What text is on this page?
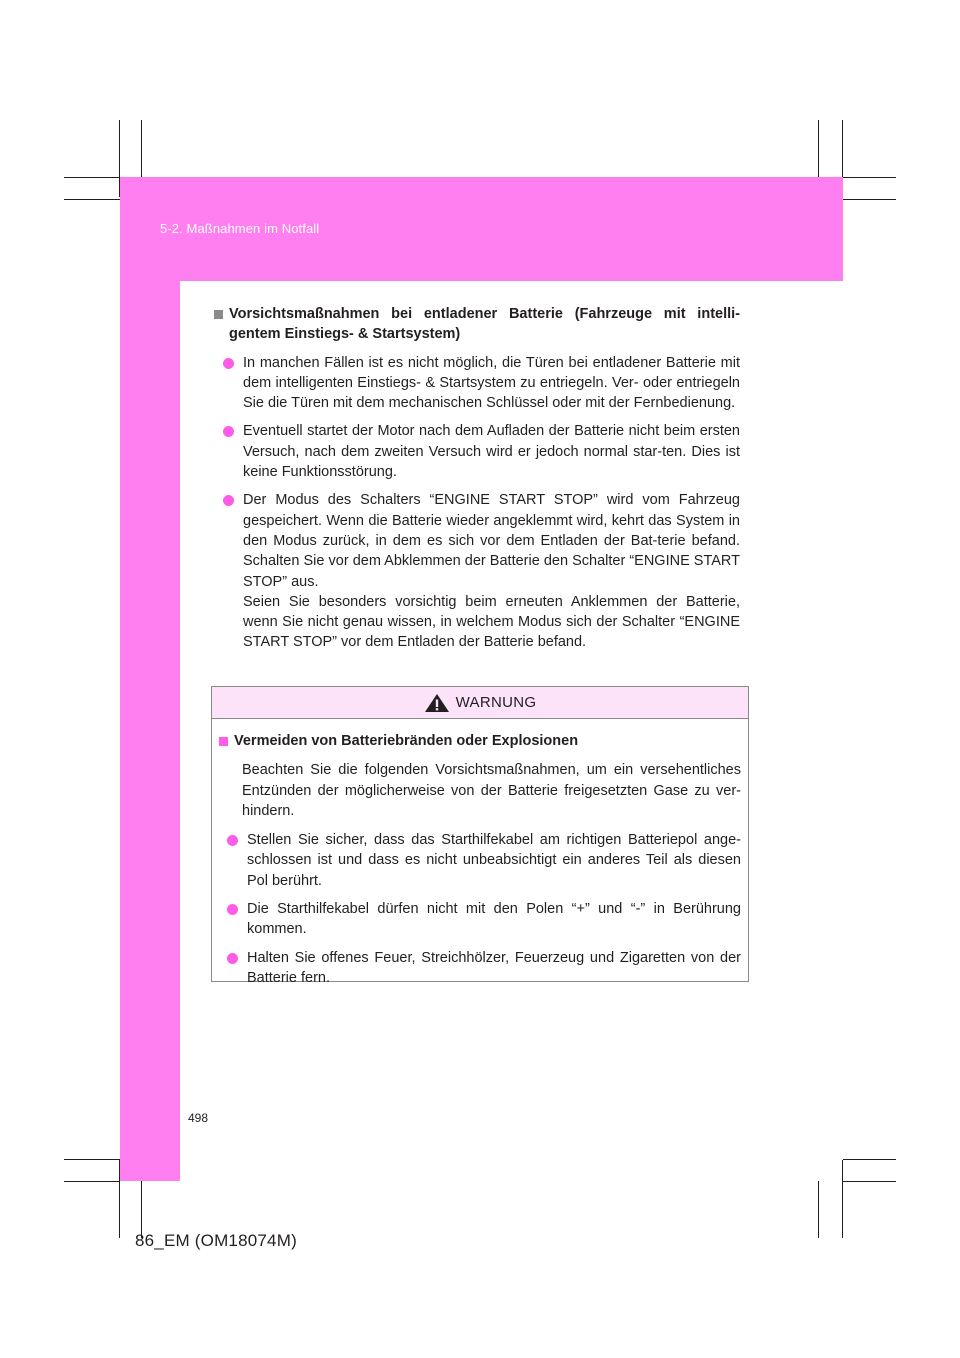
5-2. Maßnahmen im Notfall

Vorsichtsmaßnahmen bei entladener Batterie (Fahrzeuge mit intelli-gentem Einstiegs- & Startsystem)

In manchen Fällen ist es nicht möglich, die Türen bei entladener Batterie mit dem intelligenten Einstiegs- & Startsystem zu entriegeln. Ver- oder entriegeln Sie die Türen mit dem mechanischen Schlüssel oder mit der Fernbedienung.

Eventuell startet der Motor nach dem Aufladen der Batterie nicht beim ersten Versuch, nach dem zweiten Versuch wird er jedoch normal star-ten. Dies ist keine Funktionsstörung.

Der Modus des Schalters “ENGINE START STOP” wird vom Fahrzeug gespeichert. Wenn die Batterie wieder angeklemmt wird, kehrt das System in den Modus zurück, in dem es sich vor dem Entladen der Bat-terie befand. Schalten Sie vor dem Abklemmen der Batterie den Schalter “ENGINE START STOP” aus.

Seien Sie besonders vorsichtig beim erneuten Anklemmen der Batterie, wenn Sie nicht genau wissen, in welchem Modus sich der Schalter “ENGINE START STOP” vor dem Entladen der Batterie befand.

WARNUNG

Vermeiden von Batteriebränden oder Explosionen

Beachten Sie die folgenden Vorsichtsmaßnahmen, um ein versehentliches Entzünden der möglicherweise von der Batterie freigesetzten Gase zu ver-hindern.

Stellen Sie sicher, dass das Starthilfekabel am richtigen Batteriepol ange-schlossen ist und dass es nicht unbeabsichtigt ein anderes Teil als diesen Pol berührt.

Die Starthilfekabel dürfen nicht mit den Polen “+” und “-” in Berührung kommen.

Halten Sie offenes Feuer, Streichhölzer, Feuerzeug und Zigaretten von der Batterie fern.

498
86_EM (OM18074M)
